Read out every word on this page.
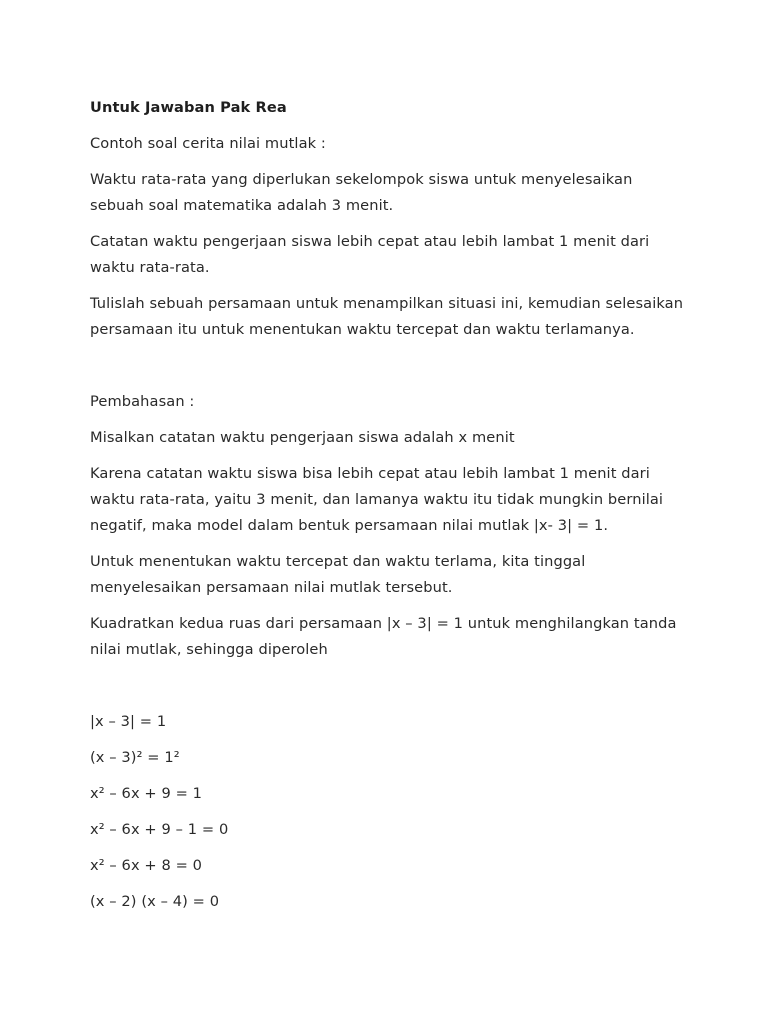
Untuk Jawaban Pak Rea
Contoh soal cerita nilai mutlak :
Waktu rata-rata yang diperlukan sekelompok siswa untuk menyelesaikan
sebuah soal matematika adalah 3 menit.
Catatan waktu pengerjaan siswa lebih cepat atau lebih lambat 1 menit dari
waktu rata-rata.
Tulislah sebuah persamaan untuk menampilkan situasi ini, kemudian selesaikan
persamaan itu untuk menentukan waktu tercepat dan waktu terlamanya.
Pembahasan :
Misalkan catatan waktu pengerjaan siswa adalah x menit
Karena catatan waktu siswa bisa lebih cepat atau lebih lambat 1 menit dari
waktu rata-rata, yaitu 3 menit, dan lamanya waktu itu tidak mungkin bernilai
negatif, maka model dalam bentuk persamaan nilai mutlak |x- 3| = 1.
Untuk menentukan waktu tercepat dan waktu terlama, kita tinggal
menyelesaikan persamaan nilai mutlak tersebut.
Kuadratkan kedua ruas dari persamaan |x – 3| = 1 untuk menghilangkan tanda
nilai mutlak, sehingga diperoleh
|x – 3| = 1
(x – 3)² = 1²
x² – 6x + 9 = 1
x² – 6x + 9 – 1 = 0
x² – 6x + 8 = 0
(x – 2) (x – 4) = 0
